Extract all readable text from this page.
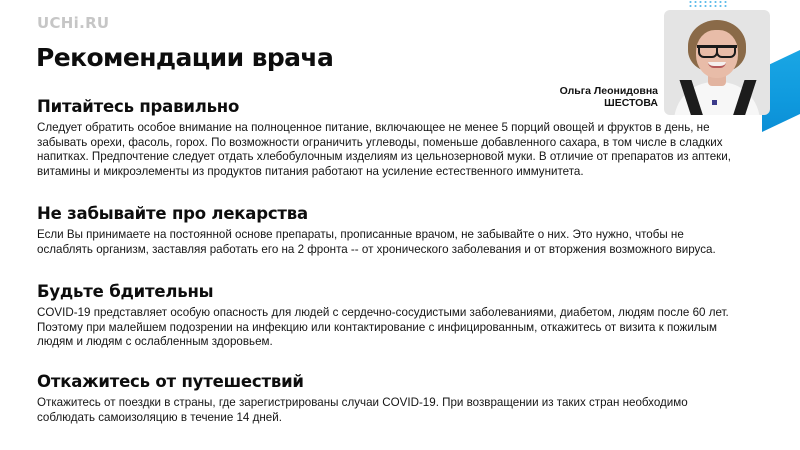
UCHi.RU
Рекомендации врача
Ольга Леонидовна
ШЕСТОВА
Питайтесь правильно

Следует обратить особое внимание на полноценное питание, включающее не менее 5 порций овощей и фруктов в день, не
забывать орехи, фасоль, горох. По возможности ограничить углеводы, поменьше добавленного сахара, в том числе в сладких
напитках. Предпочтение следует отдать хлебобулочным изделиям из цельнозерновой муки. В отличие от препаратов из аптеки,
витамины и микроэлементы из продуктов питания работают на усиление естественного иммунитета.

Не забывайте про лекарства

Если Вы принимаете на постоянной основе препараты, прописанные врачом, не забывайте о них. Это нужно, чтобы не
ослаблять организм, заставляя работать его на 2 фронта -- от хронического заболевания и от вторжения возможного вируса.

Будьте бдительны

COVID-19 представляет особую опасность для людей с сердечно-сосудистыми заболеваниями, диабетом, людям после 60 лет.
Поэтому при малейшем подозрении на инфекцию или контактирование с инфицированным, откажитесь от визита к пожилым
людям и людям с ослабленным здоровьем.

Откажитесь от путешествий

Откажитесь от поездки в страны, где зарегистрированы случаи COVID-19. При возвращении из таких стран необходимо
соблюдать самоизоляцию в течение 14 дней.
